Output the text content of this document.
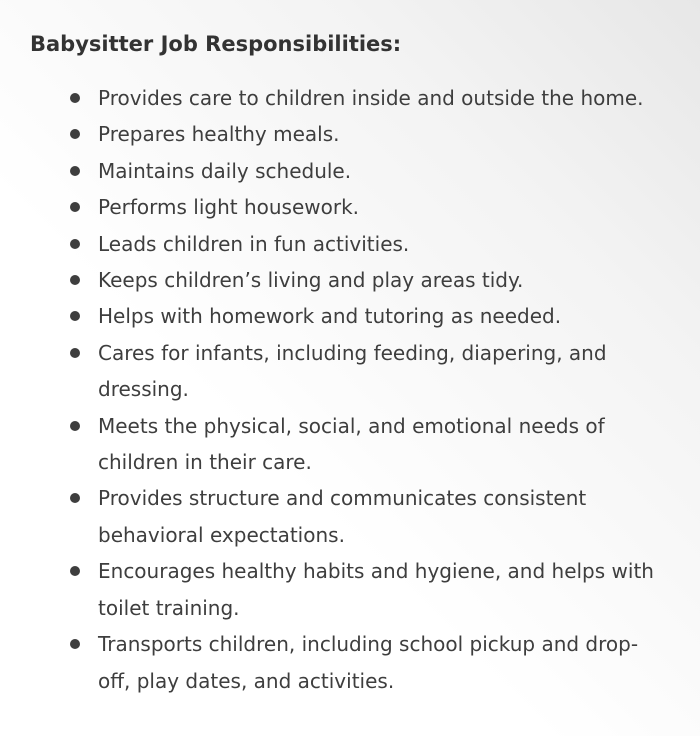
Babysitter Job Responsibilities:
Provides care to children inside and outside the home.
Prepares healthy meals.
Maintains daily schedule.
Performs light housework.
Leads children in fun activities.
Keeps children’s living and play areas tidy.
Helps with homework and tutoring as needed.
Cares for infants, including feeding, diapering, and dressing.
Meets the physical, social, and emotional needs of children in their care.
Provides structure and communicates consistent behavioral expectations.
Encourages healthy habits and hygiene, and helps with toilet training.
Transports children, including school pickup and drop-off, play dates, and activities.
